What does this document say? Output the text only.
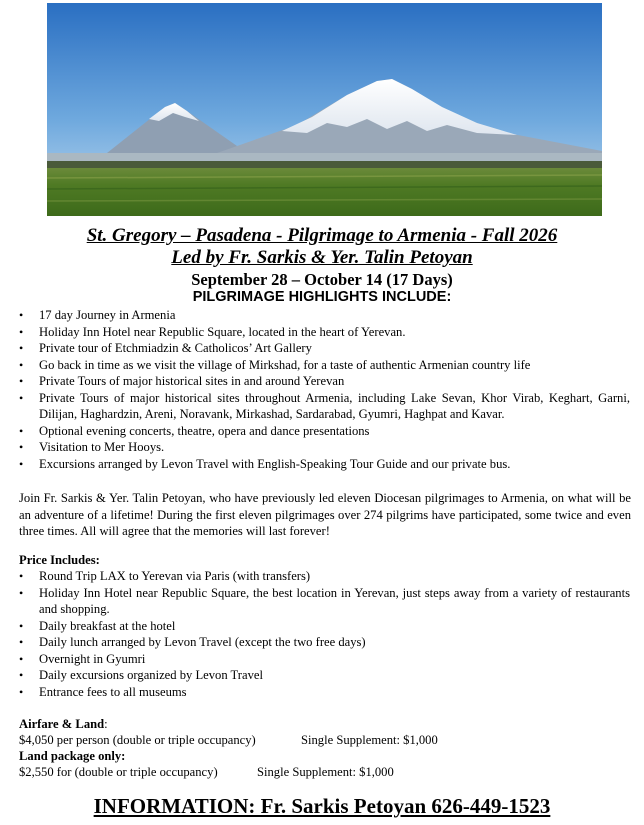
St. Gregory – Pasadena - Pilgrimage to Armenia - Fall 2026
Led by Fr. Sarkis & Yer. Talin Petoyan
September 28 – October 14 (17 Days)
PILGRIMAGE HIGHLIGHTS INCLUDE:
• 17 day Journey in Armenia
• Holiday Inn Hotel near Republic Square, located in the heart of Yerevan.
• Private tour of Etchmiadzin & Catholicos’ Art Gallery
• Go back in time as we visit the village of Mirkshad, for a taste of authentic Armenian country life
• Private Tours of major historical sites in and around Yerevan
• Private Tours of major historical sites throughout Armenia, including Lake Sevan, Khor Virab, Keghart, Garni, Dilijan, Haghardzin, Areni, Noravank, Mirkashad, Sardarabad, Gyumri, Haghpat and Kavar.
• Optional evening concerts, theatre, opera and dance presentations
• Visitation to Mer Hooys.
• Excursions arranged by Levon Travel with English-Speaking Tour Guide and our private bus.
Join Fr. Sarkis & Yer. Talin Petoyan, who have previously led eleven Diocesan pilgrimages to Armenia, on what will be an adventure of a lifetime! During the first eleven pilgrimages over 274 pilgrims have participated, some twice and even three times. All will agree that the memories will last forever!
Price Includes:
• Round Trip LAX to Yerevan via Paris (with transfers)
• Holiday Inn Hotel near Republic Square, the best location in Yerevan, just steps away from a variety of restaurants and shopping.
• Daily breakfast at the hotel
• Daily lunch arranged by Levon Travel (except the two free days)
• Overnight in Gyumri
• Daily excursions organized by Levon Travel
• Entrance fees to all museums
Airfare & Land:
$4,050 per person (double or triple occupancy)	Single Supplement: $1,000
Land package only:
$2,550 for (double or triple occupancy)	Single Supplement: $1,000
INFORMATION: Fr. Sarkis Petoyan 626-449-1523
